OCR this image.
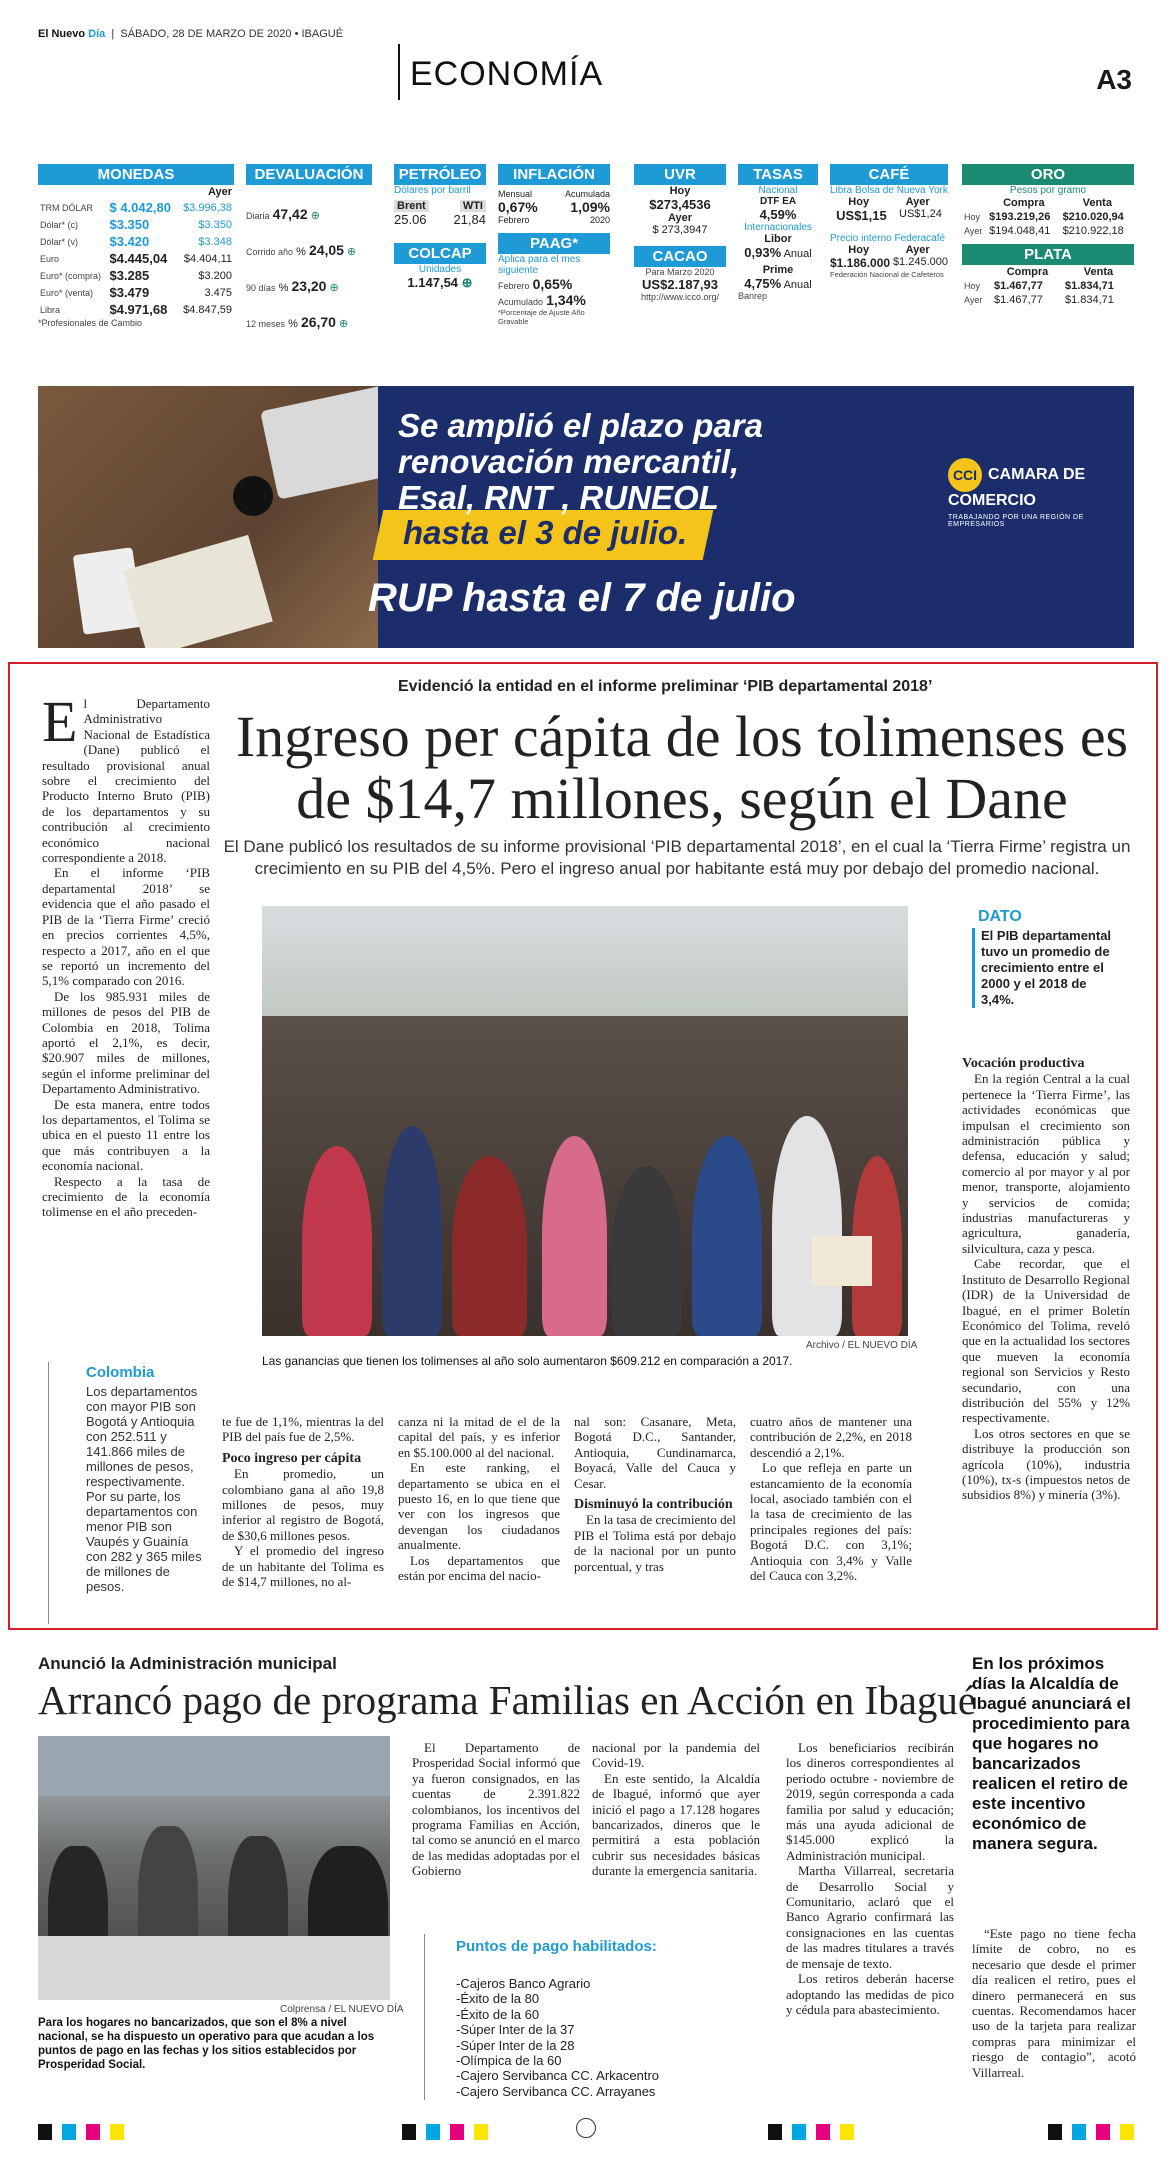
El Nuevo Día  |  SÁBADO, 28 DE MARZO DE 2020 • IBAGUÉ
ECONOMÍA	A3
MONEDAS
		Ayer
TRM DÓLAR	$ 4.042,80	$3.996,38
Dólar* (c)	$3.350	$3.350
Dólar* (v)	$3.420	$3.348
Euro	$4.445,04	$4.404,11
Euro* (compra)	$3.285	$3.200
Euro* (venta)	$3.479	3.475
Libra	$4.971,68	$4.847,59
*Profesionales de Cambio
DEVALUACIÓN
Diaria 47,42 ⊕
Corrido año % 24,05 ⊕
90 días % 23,20 ⊕
12 meses % 26,70 ⊕
PETRÓLEO
Dólares por barril
Brent	WTI
25.06 21,84
COLCAP
Unidades
1.147,54 ⊕
INFLACIÓN
Mensual	Acumulada
0,67% 1,09%
Febrero	2020
PAAG*
Aplica para el mes siguiente
Febrero 0,65%
Acumulado 1,34%
*Porcentaje de Ajuste Año Gravable
UVR
Hoy
$273,4536
Ayer
$ 273,3947
CACAO
Para Marzo 2020
US$2.187,93
http://www.icco.org/
TASAS
Nacional
DTF EA
4,59%
Internacionales
Libor
0,93% Anual
Prime
4,75% Anual
Banrep
CAFÉ
Libra Bolsa de Nueva York
Hoy	Ayer
US$1,15 US$1,24
Precio interno Federacafé
Hoy	Ayer
$1.186.000 $1.245.000
Federación Nacional de Cafeteros
ORO
Pesos por gramo
	Compra	Venta
Hoy	$193.219,26	$210.020,94
Ayer	$194.048,41	$210.922,18
PLATA
	Compra	Venta
Hoy	$1.467,77	$1.834,71
Ayer	$1.467,77	$1.834,71
Se amplió el plazo para renovación mercantil, Esal, RNT , RUNEOL
hasta el 3 de julio.
RUP hasta el 7 de julio
CCI CAMARA DE COMERCIO
TRABAJANDO POR UNA REGIÓN DE EMPRESARIOS
Evidenció la entidad en el informe preliminar ‘PIB departamental 2018’
Ingreso per cápita de los tolimenses es de $14,7 millones, según el Dane
El Dane publicó los resultados de su informe provisional ‘PIB departamental 2018’, en el cual la ‘Tierra Firme’ registra un crecimiento en su PIB del 4,5%. Pero el ingreso anual por habitante está muy por debajo del promedio nacional.

El Departamento Administrativo Nacional de Estadística (Dane) publicó el resultado provisional anual sobre el crecimiento del Producto Interno Bruto (PIB) de los departamentos y su contribución al crecimiento económico nacional correspondiente a 2018.

En el informe ‘PIB departamental 2018’ se evidencia que el año pasado el PIB de la ‘Tierra Firme’ creció en precios corrientes 4,5%, respecto a 2017, año en el que se reportó un incremento del 5,1% comparado con 2016.

De los 985.931 miles de millones de pesos del PIB de Colombia en 2018, Tolima aportó el 2,1%, es decir, $20.907 miles de millones, según el informe preliminar del Departamento Administrativo.

De esta manera, entre todos los departamentos, el Tolima se ubica en el puesto 11 entre los que más contribuyen a la economía nacional.

Respecto a la tasa de crecimiento de la economía tolimense en el año preceden-

Archivo / EL NUEVO DÍA
Las ganancias que tienen los tolimenses al año solo aumentaron $609.212 en comparación a 2017.
DATO
El PIB departamental tuvo un promedio de crecimiento entre el 2000 y el 2018 de 3,4%.
Colombia
Los departamentos con mayor PIB son Bogotá y Antioquia con 252.511 y 141.866 miles de millones de pesos, respectivamente. Por su parte, los departamentos con menor PIB son Vaupés y Guainía con 282 y 365 miles de millones de pesos.

te fue de 1,1%, mientras la del PIB del país fue de 2,5%.

Poco ingreso per cápita

En promedio, un colombiano gana al año 19,8 millones de pesos, muy inferior al registro de Bogotá, de $30,6 millones pesos.

Y el promedio del ingreso de un habitante del Tolima es de $14,7 millones, no al-

canza ni la mitad de el de la capital del país, y es inferior en $5.100.000 al del nacional.

En este ranking, el departamento se ubica en el puesto 16, en lo que tiene que ver con los ingresos que devengan los ciudadanos anualmente.

Los departamentos que están por encima del nacio-

nal son: Casanare, Meta, Bogotá D.C., Santander, Antioquia, Cundinamarca, Boyacá, Valle del Cauca y Cesar.

Disminuyó la contribución

En la tasa de crecimiento del PIB el Tolima está por debajo de la nacional por un punto porcentual, y tras

cuatro años de mantener una contribución de 2,2%, en 2018 descendió a 2,1%.

Lo que refleja en parte un estancamiento de la economía local, asociado también con el la tasa de crecimiento de las principales regiones del país: Bogotá D.C. con 3,1%; Antioquia con 3,4% y Valle del Cauca con 3,2%.

Vocación productiva

En la región Central a la cual pertenece la ‘Tierra Firme’, las actividades económicas que impulsan el crecimiento son administración pública y defensa, educación y salud; comercio al por mayor y al por menor, transporte, alojamiento y servicios de comida; industrias manufactureras y agricultura, ganadería, silvicultura, caza y pesca.

Cabe recordar, que el Instituto de Desarrollo Regional (IDR) de la Universidad de Ibagué, en el primer Boletín Económico del Tolima, reveló que en la actualidad los sectores que mueven la economía regional son Servicios y Resto secundario, con una distribución del 55% y 12% respectivamente.

Los otros sectores en que se distribuye la producción son agrícola (10%), industria (10%), tx-s (impuestos netos de subsidios 8%) y minería (3%).

Anunció la Administración municipal
Arrancó pago de programa Familias en Acción en Ibagué
Colprensa / EL NUEVO DÍA
Para los hogares no bancarizados, que son el 8% a nivel nacional, se ha dispuesto un operativo para que acudan a los puntos de pago en las fechas y los sitios establecidos por Prosperidad Social.

El Departamento de Prosperidad Social informó que ya fueron consignados, en las cuentas de 2.391.822 colombianos, los incentivos del programa Familias en Acción, tal como se anunció en el marco de las medidas adoptadas por el Gobierno

nacional por la pandemia del Covid-19.

En este sentido, la Alcaldía de Ibagué, informó que ayer inició el pago a 17.128 hogares bancarizados, dineros que le permitirá a esta población cubrir sus necesidades básicas durante la emergencia sanitaria.

Los beneficiarios recibirán los dineros correspondientes al periodo octubre - noviembre de 2019, según corresponda a cada familia por salud y educación; más una ayuda adicional de $145.000 explicó la Administración municipal.

Martha Villarreal, secretaria de Desarrollo Social y Comunitario, aclaró que el Banco Agrario confirmará las consignaciones en las cuentas de las madres titulares a través de mensaje de texto.

Los retiros deberán hacerse adoptando las medidas de pico y cédula para abastecimiento.

En los próximos días la Alcaldía de Ibagué anunciará el procedimiento para que hogares no bancarizados realicen el retiro de este incentivo económico de manera segura.

“Este pago no tiene fecha límite de cobro, no es necesario que desde el primer día realicen el retiro, pues el dinero permanecerá en sus cuentas. Recomendamos hacer uso de la tarjeta para realizar compras para minimizar el riesgo de contagio”, acotó Villarreal.

Puntos de pago habilitados:
-Cajeros Banco Agrario
-Éxito de la 80
-Éxito de la 60
-Súper Inter de la 37
-Súper Inter de la 28
-Olímpica de la 60
-Cajero Servibanca CC. Arkacentro
-Cajero Servibanca CC. Arrayanes
